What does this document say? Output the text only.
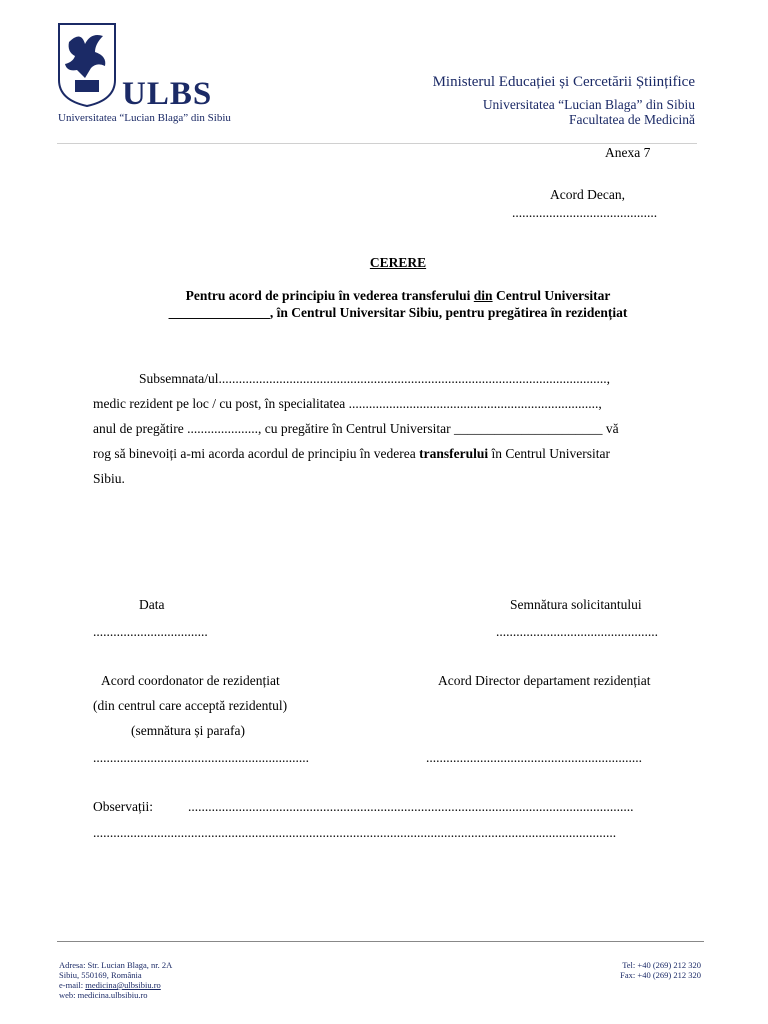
ULBS
Universitatea “Lucian Blaga” din Sibiu
Ministerul Educației și Cercetării Științifice
Universitatea “Lucian Blaga” din Sibiu
Facultatea de Medicină
Anexa 7
Acord Decan,
...........................................
CERERE
Pentru acord de principiu în vederea transferului din Centrul Universitar
_______________, în Centrul Universitar Sibiu, pentru pregătirea în rezidențiat

Subsemnata/ul...................................................................................................................,

medic rezident pe loc / cu post, în specialitatea ..........................................................................,

anul de pregătire ....................., cu pregătire în Centrul Universitar ______________________ vă

rog să binevoiți a-mi acorda acordul de principiu în vederea transferului în Centrul Universitar

Sibiu.

Data	Semnătura solicitantului
..................................	................................................
Acord coordonator de rezidențiat	Acord Director departament rezidențiat
(din centrul care acceptă rezidentul)
(semnătura și parafa)
................................................................	................................................................
Observații:	....................................................................................................................................
...........................................................................................................................................................
Adresa: Str. Lucian Blaga, nr. 2A
Sibiu, 550169, România
e-mail: medicina@ulbsibiu.ro
web: medicina.ulbsibiu.ro
Tel: +40 (269) 212 320
Fax: +40 (269) 212 320
